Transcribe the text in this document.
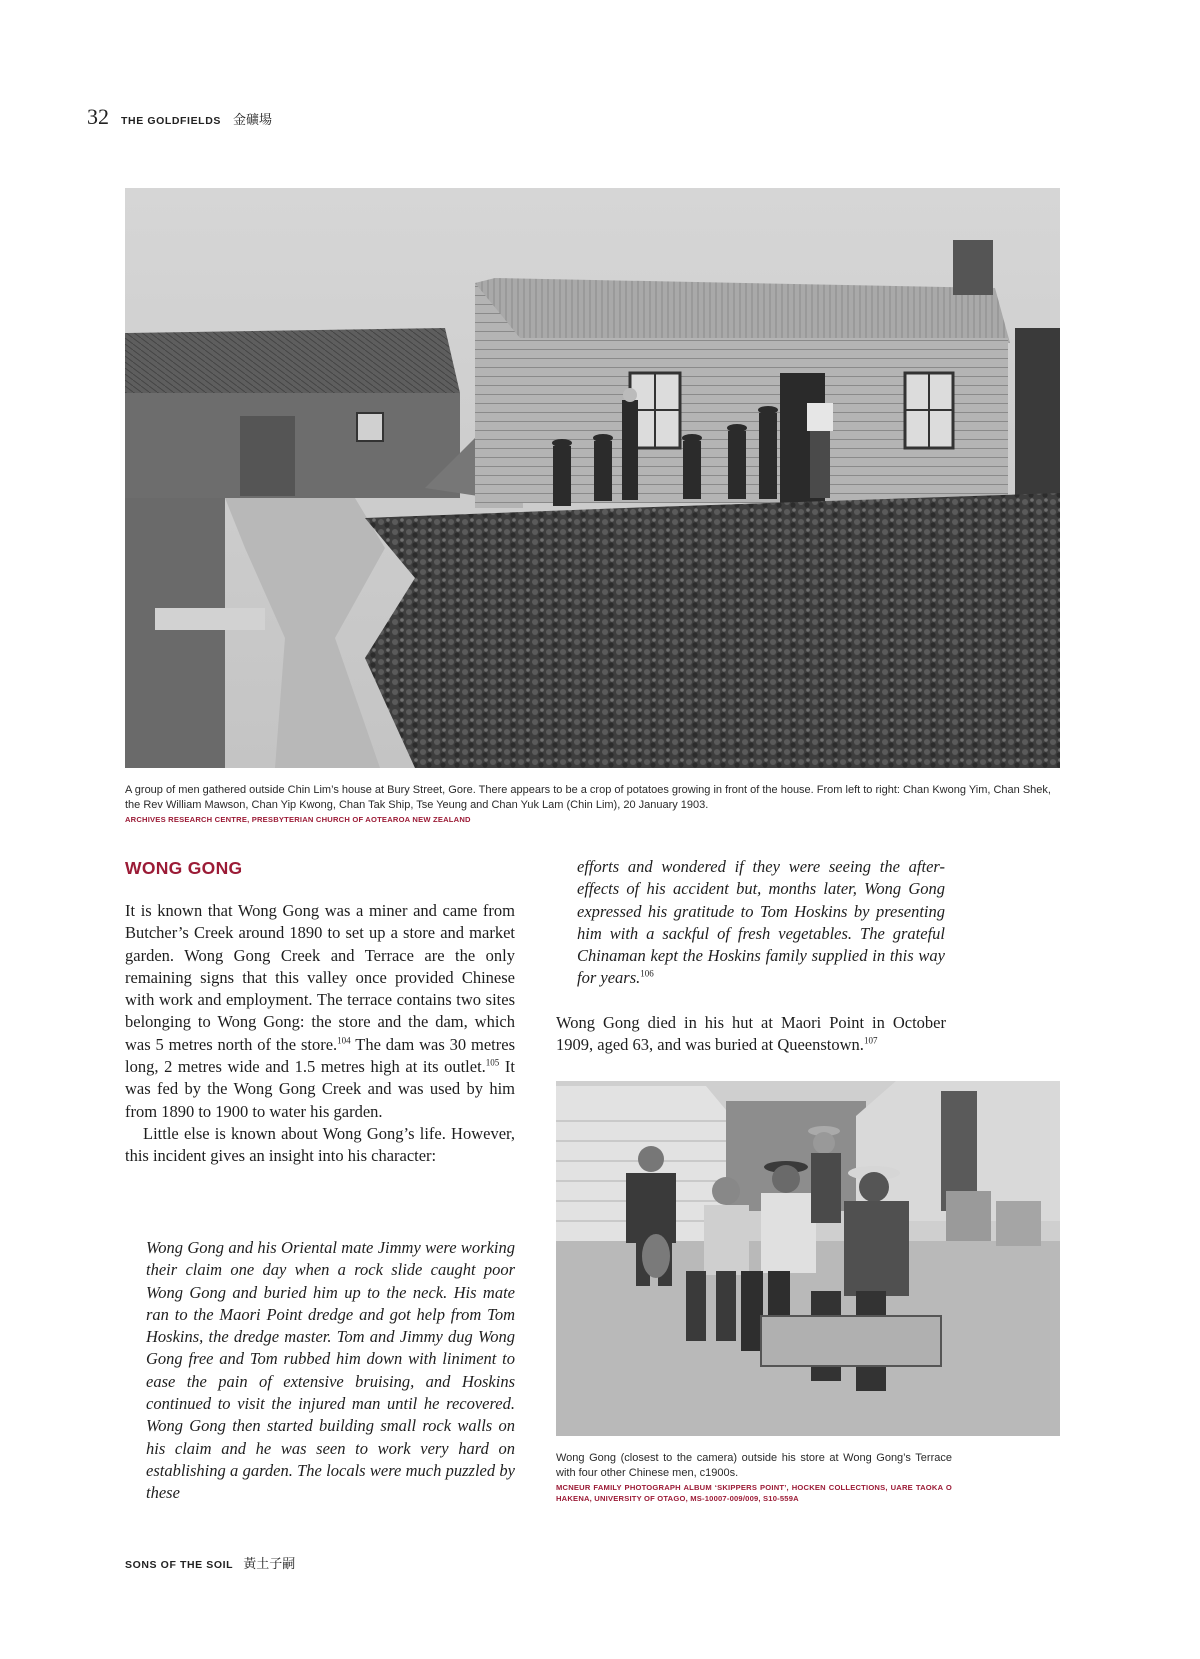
32 THE GOLDFIELDS 金礦場
A group of men gathered outside Chin Lim’s house at Bury Street, Gore. There appears to be a crop of potatoes growing in front of the house. From left to right: Chan Kwong Yim, Chan Shek, the Rev William Mawson, Chan Yip Kwong, Chan Tak Ship, Tse Yeung and Chan Yuk Lam (Chin Lim), 20 January 1903.
ARCHIVES RESEARCH CENTRE, PRESBYTERIAN CHURCH OF AOTEAROA NEW ZEALAND
WONG GONG

It is known that Wong Gong was a miner and came from Butcher’s Creek around 1890 to set up a store and market garden. Wong Gong Creek and Terrace are the only remaining signs that this valley once provided Chinese with work and employment. The terrace contains two sites belonging to Wong Gong: the store and the dam, which was 5 metres north of the store.$^{104}$ The dam was 30 metres long, 2 metres wide and 1.5 metres high at its outlet.$^{105}$ It was fed by the Wong Gong Creek and was used by him from 1890 to 1900 to water his garden.

Little else is known about Wong Gong’s life. However, this incident gives an insight into his character:

Wong Gong and his Oriental mate Jimmy were working their claim one day when a rock slide caught poor Wong Gong and buried him up to the neck. His mate ran to the Maori Point dredge and got help from Tom Hoskins, the dredge master. Tom and Jimmy dug Wong Gong free and Tom rubbed him down with liniment to ease the pain of extensive bruising, and Hoskins continued to visit the injured man until he recovered. Wong Gong then started building small rock walls on his claim and he was seen to work very hard on establishing a garden. The locals were much puzzled by these

efforts and wondered if they were seeing the after-effects of his accident but, months later, Wong Gong expressed his gratitude to Tom Hoskins by presenting him with a sackful of fresh vegetables. The grateful Chinaman kept the Hoskins family supplied in this way for years.$^{106}$

Wong Gong died in his hut at Maori Point in October 1909, aged 63, and was buried at Queenstown.$^{107}$

Wong Gong (closest to the camera) outside his store at Wong Gong’s Terrace with four other Chinese men, c1900s.
MCNEUR FAMILY PHOTOGRAPH ALBUM ‘SKIPPERS POINT’, HOCKEN COLLECTIONS, UARE TAOKA O HAKENA, UNIVERSITY OF OTAGO, MS-10007-009/009, S10-559A
SONS OF THE SOIL 黃土子嗣
